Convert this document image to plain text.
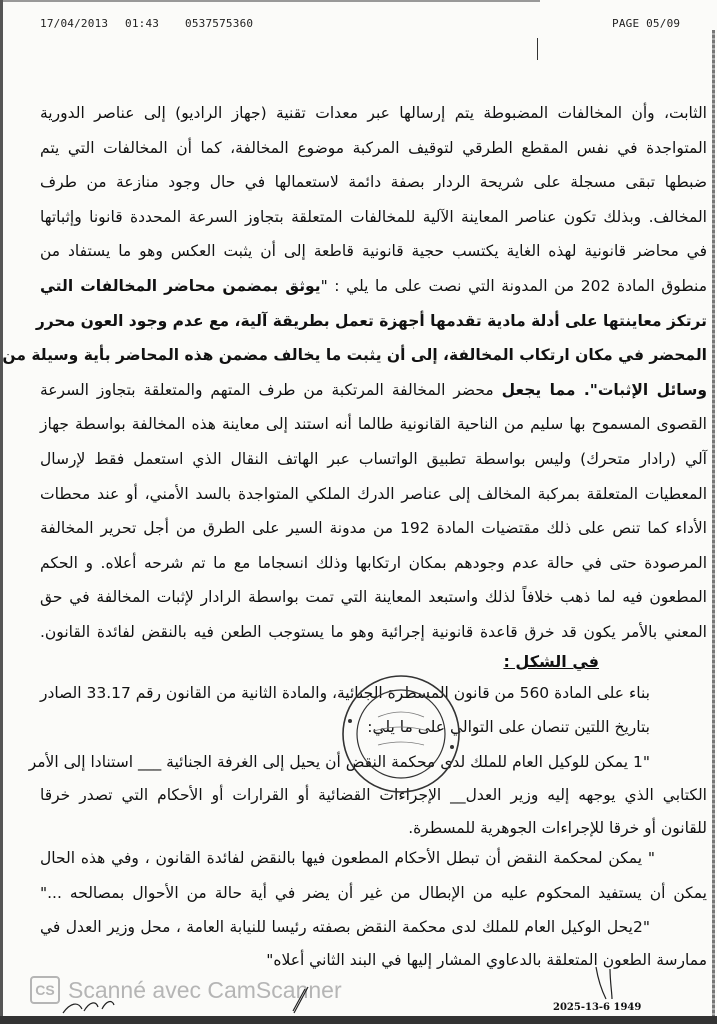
17/04/2013 01:43 0537575360	PAGE 05/09
الثابت، وأن المخالفات المضبوطة يتم إرسالها عبر معدات تقنية (جهاز الراديو) إلى عناصر الدورية
المتواجدة في نفس المقطع الطرقي لتوقيف المركبة موضوع المخالفة، كما أن المخالفات التي يتم
ضبطها تبقى مسجلة على شريحة الردار بصفة دائمة لاستعمالها في حال وجود منازعة من طرف
المخالف. وبذلك تكون عناصر المعاينة الآلية للمخالفات المتعلقة بتجاوز السرعة المحددة قانونا وإثباتها
في محاضر قانونية لهذه الغاية يكتسب حجية قانونية قاطعة إلى أن يثبت العكس وهو ما يستفاد من
منطوق المادة 202 من المدونة التي نصت على ما يلي : "يوثق بمضمن محاضر المخالفات التي
ترتكز معاينتها على أدلة مادية تقدمها أجهزة تعمل بطريقة آلية، مع عدم وجود العون محرر
المحضر في مكان ارتكاب المخالفة، إلى أن يثبت ما يخالف مضمن هذه المحاضر بأية وسيلة من
وسائل الإثبات". مما يجعل محضر المخالفة المرتكبة من طرف المتهم والمتعلقة بتجاوز السرعة
القصوى المسموح بها سليم من الناحية القانونية طالما أنه استند إلى معاينة هذه المخالفة بواسطة جهاز
آلي (رادار متحرك) وليس بواسطة تطبيق الواتساب عبر الهاتف النقال الذي استعمل فقط لإرسال
المعطيات المتعلقة بمركبة المخالف إلى عناصر الدرك الملكي المتواجدة بالسد الأمني، أو عند محطات
الأداء كما تنص على ذلك مقتضيات المادة 192 من مدونة السير على الطرق من أجل تحرير المخالفة
المرصودة حتى في حالة عدم وجودهم بمكان ارتكابها وذلك انسجاما مع ما تم شرحه أعلاه. و الحكم
المطعون فيه لما ذهب خلافاً لذلك واستبعد المعاينة التي تمت بواسطة الرادار لإثبات المخالفة في حق
المعني بالأمر يكون قد خرق قاعدة قانونية إجرائية وهو ما يستوجب الطعن فيه بالنقض لفائدة القانون.
في الشكل :
بناء على المادة 560 من قانون المسطرة الجنائية، والمادة الثانية من القانون رقم 33.17 الصادر
بتاريخ اللتين تنصان على التوالي على ما يلي:
"1 يمكن للوكيل العام للملك لدى محكمة النقض أن يحيل إلى الغرفة الجنائية ___ استنادا إلى الأمر
الكتابي الذي يوجهه إليه وزير العدل__ الإجراءات القضائية أو القرارات أو الأحكام التي تصدر خرقا
للقانون أو خرقا للإجراءات الجوهرية للمسطرة.
" يمكن لمحكمة النقض أن تبطل الأحكام المطعون فيها بالنقض لفائدة القانون ، وفي هذه الحال
يمكن أن يستفيد المحكوم عليه من الإبطال من غير أن يضر في أية حالة من الأحوال بمصالحه ..."
"2يحل الوكيل العام للملك لدى محكمة النقض بصفته رئيسا للنيابة العامة ، محل وزير العدل في
ممارسة الطعون المتعلقة بالدعاوي المشار إليها في البند الثاني أعلاه"
CS Scanné avec CamScanner
2025-13-6 1949
